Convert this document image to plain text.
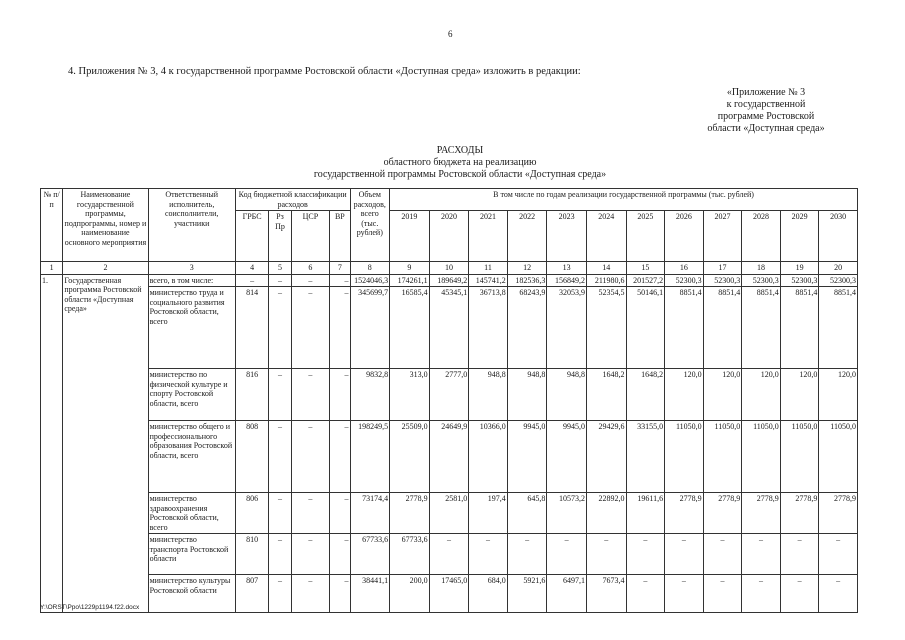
6
4. Приложения № 3, 4 к государственной программе Ростовской области «Доступная среда» изложить в редакции:
«Приложение № 3
к государственной
программе Ростовской
области «Доступная среда»
РАСХОДЫ
областного бюджета на реализацию
государственной программы Ростовской области «Доступная среда»
№ п/п	Наименование государственной программы, подпрограммы, номер и наименование основного мероприятия	Ответственный исполнитель, соисполнители, участники	Код бюджетной классификации расходов				Объем расходов, всего (тыс. рублей)	В том числе по годам реализации государственной программы (тыс. рублей)											
			ГРБС	Рз Пр	ЦСР	ВР		2019	2020	2021	2022	2023	2024	2025	2026	2027	2028	2029	2030
1	2	3	4	5	6	7	8	9	10	11	12	13	14	15	16	17	18	19	20
1.	Государственная программа Ростовской области «Доступная среда»	всего, в том числе:	–	–	–	–	1524046,3	174261,1	189649,2	145741,2	182536,3	156849,2	211980,6	201527,2	52300,3	52300,3	52300,3	52300,3	52300,3
		министерство труда и социального развития Ростовской области, всего	814	–	–	–	345699,7	16585,4	45345,1	36713,8	68243,9	32053,9	52354,5	50146,1	8851,4	8851,4	8851,4	8851,4	8851,4
		министерство по физической культуре и спорту Ростовской области, всего	816	–	–	–	9832,8	313,0	2777,0	948,8	948,8	948,8	1648,2	1648,2	120,0	120,0	120,0	120,0	120,0
		министерство общего и профессионального образования Ростовской области, всего	808	–	–	–	198249,5	25509,0	24649,9	10366,0	9945,0	9945,0	29429,6	33155,0	11050,0	11050,0	11050,0	11050,0	11050,0
		министерство здравоохранения Ростовской области, всего	806	–	–	–	73174,4	2778,9	2581,0	197,4	645,8	10573,2	22892,0	19611,6	2778,9	2778,9	2778,9	2778,9	2778,9
		министерство транспорта Ростовской области	810	–	–	–	67733,6	67733,6	–	–	–	–	–	–	–	–	–	–	–
		министерство культуры Ростовской области	807	–	–	–	38441,1	200,0	17465,0	684,0	5921,6	6497,1	7673,4	–	–	–	–	–	–
Y:\ORST\Ppo\1229p1194.f22.docx
